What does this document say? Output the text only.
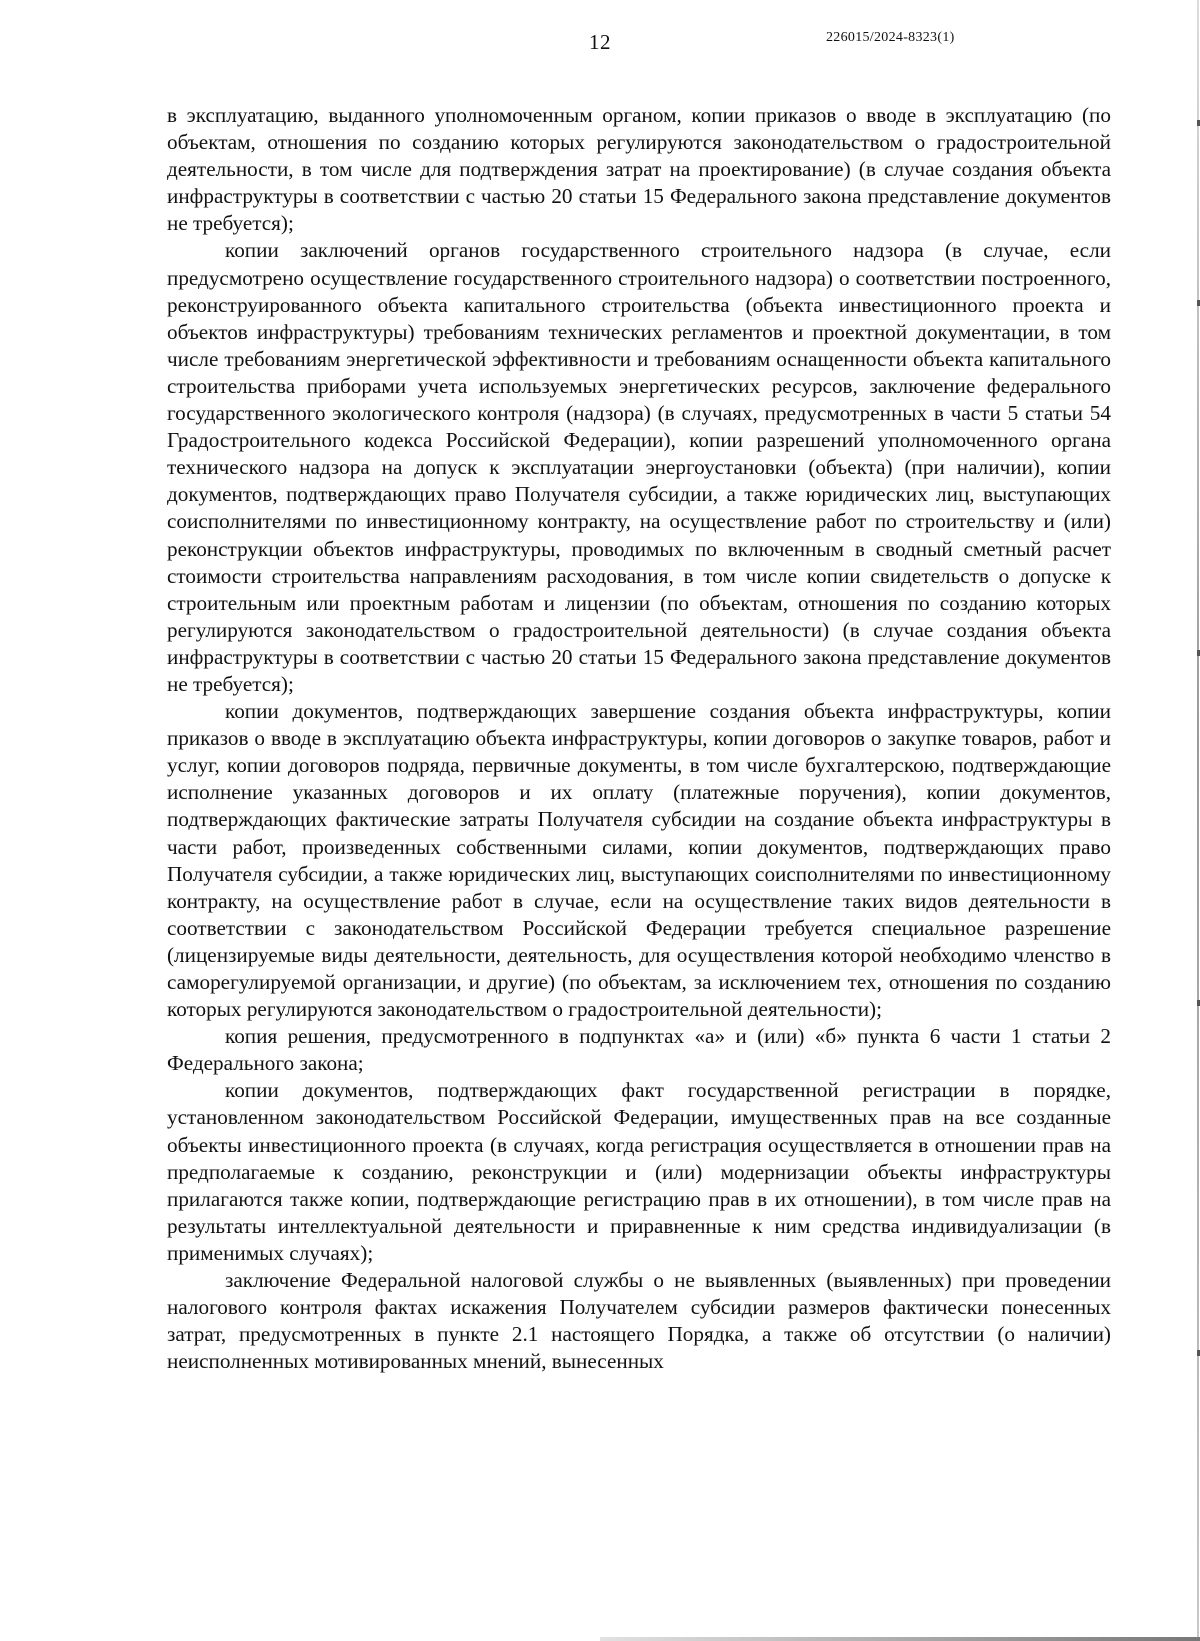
12	226015/2024-8323(1)

в эксплуатацию, выданного уполномоченным органом, копии приказов о вводе в эксплуатацию (по объектам, отношения по созданию которых регулируются законодательством о градостроительной деятельности, в том числе для подтверждения затрат на проектирование) (в случае создания объекта инфраструктуры в соответствии с частью 20 статьи 15 Федерального закона представление документов не требуется);

копии заключений органов государственного строительного надзора (в случае, если предусмотрено осуществление государственного строительного надзора) о соответствии построенного, реконструированного объекта капитального строительства (объекта инвестиционного проекта и объектов инфраструктуры) требованиям технических регламентов и проектной документации, в том числе требованиям энергетической эффективности и требованиям оснащенности объекта капитального строительства приборами учета используемых энергетических ресурсов, заключение федерального государственного экологического контроля (надзора) (в случаях, предусмотренных в части 5 статьи 54 Градостроительного кодекса Российской Федерации), копии разрешений уполномоченного органа технического надзора на допуск к эксплуатации энергоустановки (объекта) (при наличии), копии документов, подтверждающих право Получателя субсидии, а также юридических лиц, выступающих соисполнителями по инвестиционному контракту, на осуществление работ по строительству и (или) реконструкции объектов инфраструктуры, проводимых по включенным в сводный сметный расчет стоимости строительства направлениям расходования, в том числе копии свидетельств о допуске к строительным или проектным работам и лицензии (по объектам, отношения по созданию которых регулируются законодательством о градостроительной деятельности) (в случае создания объекта инфраструктуры в соответствии с частью 20 статьи 15 Федерального закона представление документов не требуется);

копии документов, подтверждающих завершение создания объекта инфраструктуры, копии приказов о вводе в эксплуатацию объекта инфраструктуры, копии договоров о закупке товаров, работ и услуг, копии договоров подряда, первичные документы, в том числе бухгалтерскою, подтверждающие исполнение указанных договоров и их оплату (платежные поручения), копии документов, подтверждающих фактические затраты Получателя субсидии на создание объекта инфраструктуры в части работ, произведенных собственными силами, копии документов, подтверждающих право Получателя субсидии, а также юридических лиц, выступающих соисполнителями по инвестиционному контракту, на осуществление работ в случае, если на осуществление таких видов деятельности в соответствии с законодательством Российской Федерации требуется специальное разрешение (лицензируемые виды деятельности, деятельность, для осуществления которой необходимо членство в саморегулируемой организации, и другие) (по объектам, за исключением тех, отношения по созданию которых регулируются законодательством о градостроительной деятельности);

копия решения, предусмотренного в подпунктах «а» и (или) «б» пункта 6 части 1 статьи 2 Федерального закона;

копии документов, подтверждающих факт государственной регистрации в порядке, установленном законодательством Российской Федерации, имущественных прав на все созданные объекты инвестиционного проекта (в случаях, когда регистрация осуществляется в отношении прав на предполагаемые к созданию, реконструкции и (или) модернизации объекты инфраструктуры прилагаются также копии, подтверждающие регистрацию прав в их отношении), в том числе прав на результаты интеллектуальной деятельности и приравненные к ним средства индивидуализации (в применимых случаях);

заключение Федеральной налоговой службы о не выявленных (выявленных) при проведении налогового контроля фактах искажения Получателем субсидии размеров фактически понесенных затрат, предусмотренных в пункте 2.1 настоящего Порядка, а также об отсутствии (о наличии) неисполненных мотивированных мнений, вынесенных
